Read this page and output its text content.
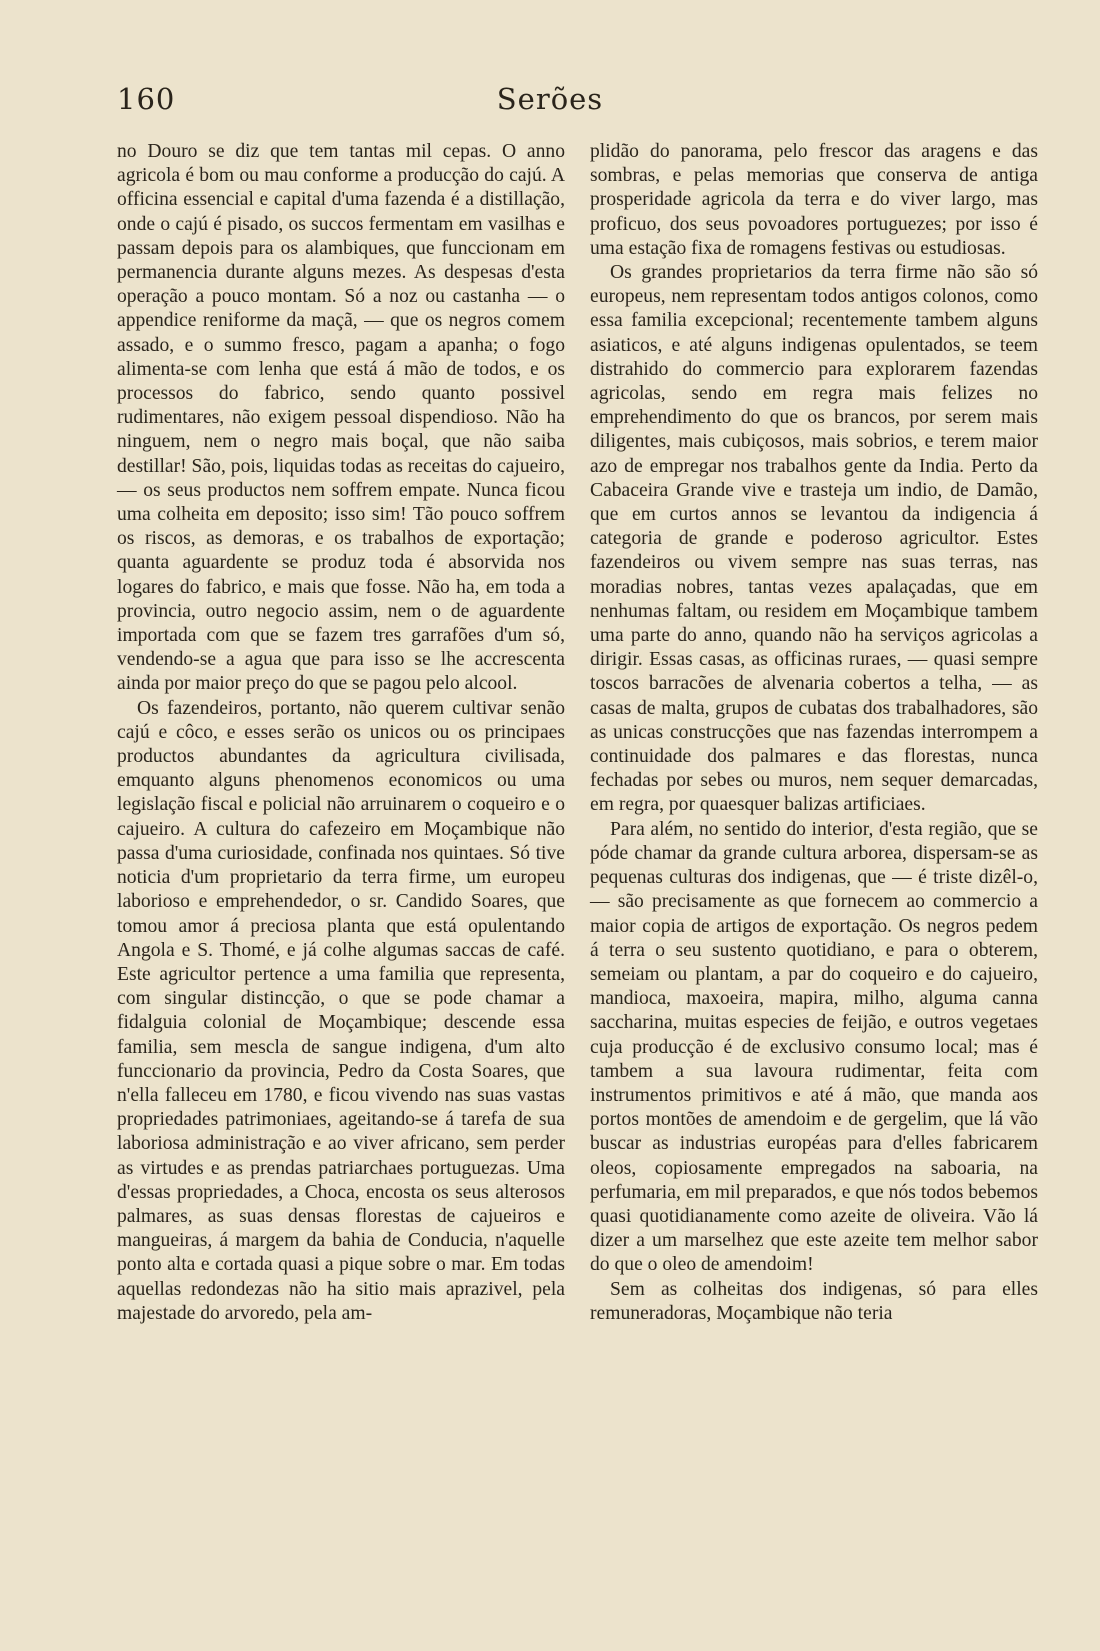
160	Serões

no Douro se diz que tem tantas mil cepas. O anno agricola é bom ou mau conforme a producção do cajú. A officina essencial e capital d'uma fazenda é a distillação, onde o cajú é pisado, os succos fermentam em vasilhas e passam depois para os alambiques, que funccionam em permanencia durante alguns mezes. As despesas d'esta operação a pouco montam. Só a noz ou castanha — o appendice reniforme da maçã, — que os negros comem assado, e o summo fresco, pagam a apanha; o fogo alimenta-se com lenha que está á mão de todos, e os processos do fabrico, sendo quanto possivel rudimentares, não exigem pessoal dispendioso. Não ha ninguem, nem o negro mais boçal, que não saiba destillar! São, pois, liquidas todas as receitas do cajueiro, — os seus productos nem soffrem empate. Nunca ficou uma colheita em deposito; isso sim! Tão pouco soffrem os riscos, as demoras, e os trabalhos de exportação; quanta aguardente se produz toda é absorvida nos logares do fabrico, e mais que fosse. Não ha, em toda a provincia, outro negocio assim, nem o de aguardente importada com que se fazem tres garrafões d'um só, vendendo-se a agua que para isso se lhe accrescenta ainda por maior preço do que se pagou pelo alcool.

Os fazendeiros, portanto, não querem cultivar senão cajú e côco, e esses serão os unicos ou os principaes productos abundantes da agricultura civilisada, emquanto alguns phenomenos economicos ou uma legislação fiscal e policial não arruinarem o coqueiro e o cajueiro. A cultura do cafezeiro em Moçambique não passa d'uma curiosidade, confinada nos quintaes. Só tive noticia d'um proprietario da terra firme, um europeu laborioso e emprehendedor, o sr. Candido Soares, que tomou amor á preciosa planta que está opulentando Angola e S. Thomé, e já colhe algumas saccas de café. Este agricultor pertence a uma familia que representa, com singular distincção, o que se pode chamar a fidalguia colonial de Moçambique; descende essa familia, sem mescla de sangue indigena, d'um alto funccionario da provincia, Pedro da Costa Soares, que n'ella falleceu em 1780, e ficou vivendo nas suas vastas propriedades patrimoniaes, ageitando-se á tarefa de sua laboriosa administração e ao viver africano, sem perder as virtudes e as prendas patriarchaes portuguezas. Uma d'essas propriedades, a Choca, encosta os seus alterosos palmares, as suas densas florestas de cajueiros e mangueiras, á margem da bahia de Conducia, n'aquelle ponto alta e cortada quasi a pique sobre o mar. Em todas aquellas redondezas não ha sitio mais aprazivel, pela majestade do arvoredo, pela am-

plidão do panorama, pelo frescor das aragens e das sombras, e pelas memorias que conserva de antiga prosperidade agricola da terra e do viver largo, mas proficuo, dos seus povoadores portuguezes; por isso é uma estação fixa de romagens festivas ou estudiosas.

Os grandes proprietarios da terra firme não são só europeus, nem representam todos antigos colonos, como essa familia excepcional; recentemente tambem alguns asiaticos, e até alguns indigenas opulentados, se teem distrahido do commercio para explorarem fazendas agricolas, sendo em regra mais felizes no emprehendimento do que os brancos, por serem mais diligentes, mais cubiçosos, mais sobrios, e terem maior azo de empregar nos trabalhos gente da India. Perto da Cabaceira Grande vive e trasteja um indio, de Damão, que em curtos annos se levantou da indigencia á categoria de grande e poderoso agricultor. Estes fazendeiros ou vivem sempre nas suas terras, nas moradias nobres, tantas vezes apalaçadas, que em nenhumas faltam, ou residem em Moçambique tambem uma parte do anno, quando não ha serviços agricolas a dirigir. Essas casas, as officinas ruraes, — quasi sempre toscos barracões de alvenaria cobertos a telha, — as casas de malta, grupos de cubatas dos trabalhadores, são as unicas construcções que nas fazendas interrompem a continuidade dos palmares e das florestas, nunca fechadas por sebes ou muros, nem sequer demarcadas, em regra, por quaesquer balizas artificiaes.

Para além, no sentido do interior, d'esta região, que se póde chamar da grande cultura arborea, dispersam-se as pequenas culturas dos indigenas, que — é triste dizêl-o, — são precisamente as que fornecem ao commercio a maior copia de artigos de exportação. Os negros pedem á terra o seu sustento quotidiano, e para o obterem, semeiam ou plantam, a par do coqueiro e do cajueiro, mandioca, maxoeira, mapira, milho, alguma canna saccharina, muitas especies de feijão, e outros vegetaes cuja producção é de exclusivo consumo local; mas é tambem a sua lavoura rudimentar, feita com instrumentos primitivos e até á mão, que manda aos portos montões de amendoim e de gergelim, que lá vão buscar as industrias européas para d'elles fabricarem oleos, copiosamente empregados na saboaria, na perfumaria, em mil preparados, e que nós todos bebemos quasi quotidianamente como azeite de oliveira. Vão lá dizer a um marselhez que este azeite tem melhor sabor do que o oleo de amendoim!

Sem as colheitas dos indigenas, só para elles remuneradoras, Moçambique não teria
